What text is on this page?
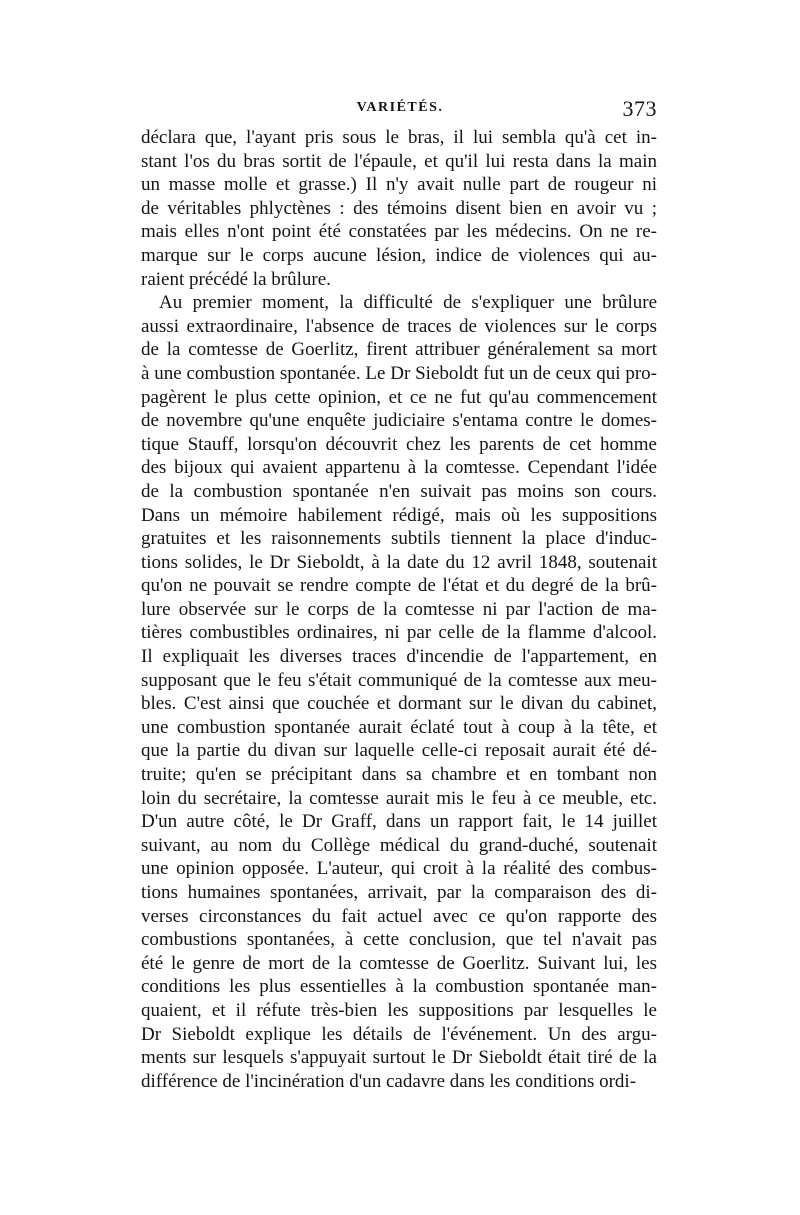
VARIÉTÉS.	373
déclara que, l'ayant pris sous le bras, il lui sembla qu'à cet in-
stant l'os du bras sortit de l'épaule, et qu'il lui resta dans la main
un masse molle et grasse.) Il n'y avait nulle part de rougeur ni
de véritables phlyctènes : des témoins disent bien en avoir vu ;
mais elles n'ont point été constatées par les médecins. On ne re-
marque sur le corps aucune lésion, indice de violences qui au-
raient précédé la brûlure.
Au premier moment, la difficulté de s'expliquer une brûlure
aussi extraordinaire, l'absence de traces de violences sur le corps
de la comtesse de Goerlitz, firent attribuer généralement sa mort
à une combustion spontanée. Le Dr Sieboldt fut un de ceux qui pro-
pagèrent le plus cette opinion, et ce ne fut qu'au commencement
de novembre qu'une enquête judiciaire s'entama contre le domes-
tique Stauff, lorsqu'on découvrit chez les parents de cet homme
des bijoux qui avaient appartenu à la comtesse. Cependant l'idée
de la combustion spontanée n'en suivait pas moins son cours.
Dans un mémoire habilement rédigé, mais où les suppositions
gratuites et les raisonnements subtils tiennent la place d'induc-
tions solides, le Dr Sieboldt, à la date du 12 avril 1848, soutenait
qu'on ne pouvait se rendre compte de l'état et du degré de la brû-
lure observée sur le corps de la comtesse ni par l'action de ma-
tières combustibles ordinaires, ni par celle de la flamme d'alcool.
Il expliquait les diverses traces d'incendie de l'appartement, en
supposant que le feu s'était communiqué de la comtesse aux meu-
bles. C'est ainsi que couchée et dormant sur le divan du cabinet,
une combustion spontanée aurait éclaté tout à coup à la tête, et
que la partie du divan sur laquelle celle-ci reposait aurait été dé-
truite; qu'en se précipitant dans sa chambre et en tombant non
loin du secrétaire, la comtesse aurait mis le feu à ce meuble, etc.
D'un autre côté, le Dr Graff, dans un rapport fait, le 14 juillet
suivant, au nom du Collège médical du grand-duché, soutenait
une opinion opposée. L'auteur, qui croit à la réalité des combus-
tions humaines spontanées, arrivait, par la comparaison des di-
verses circonstances du fait actuel avec ce qu'on rapporte des
combustions spontanées, à cette conclusion, que tel n'avait pas
été le genre de mort de la comtesse de Goerlitz. Suivant lui, les
conditions les plus essentielles à la combustion spontanée man-
quaient, et il réfute très-bien les suppositions par lesquelles le
Dr Sieboldt explique les détails de l'événement. Un des argu-
ments sur lesquels s'appuyait surtout le Dr Sieboldt était tiré de la
différence de l'incinération d'un cadavre dans les conditions ordi-
